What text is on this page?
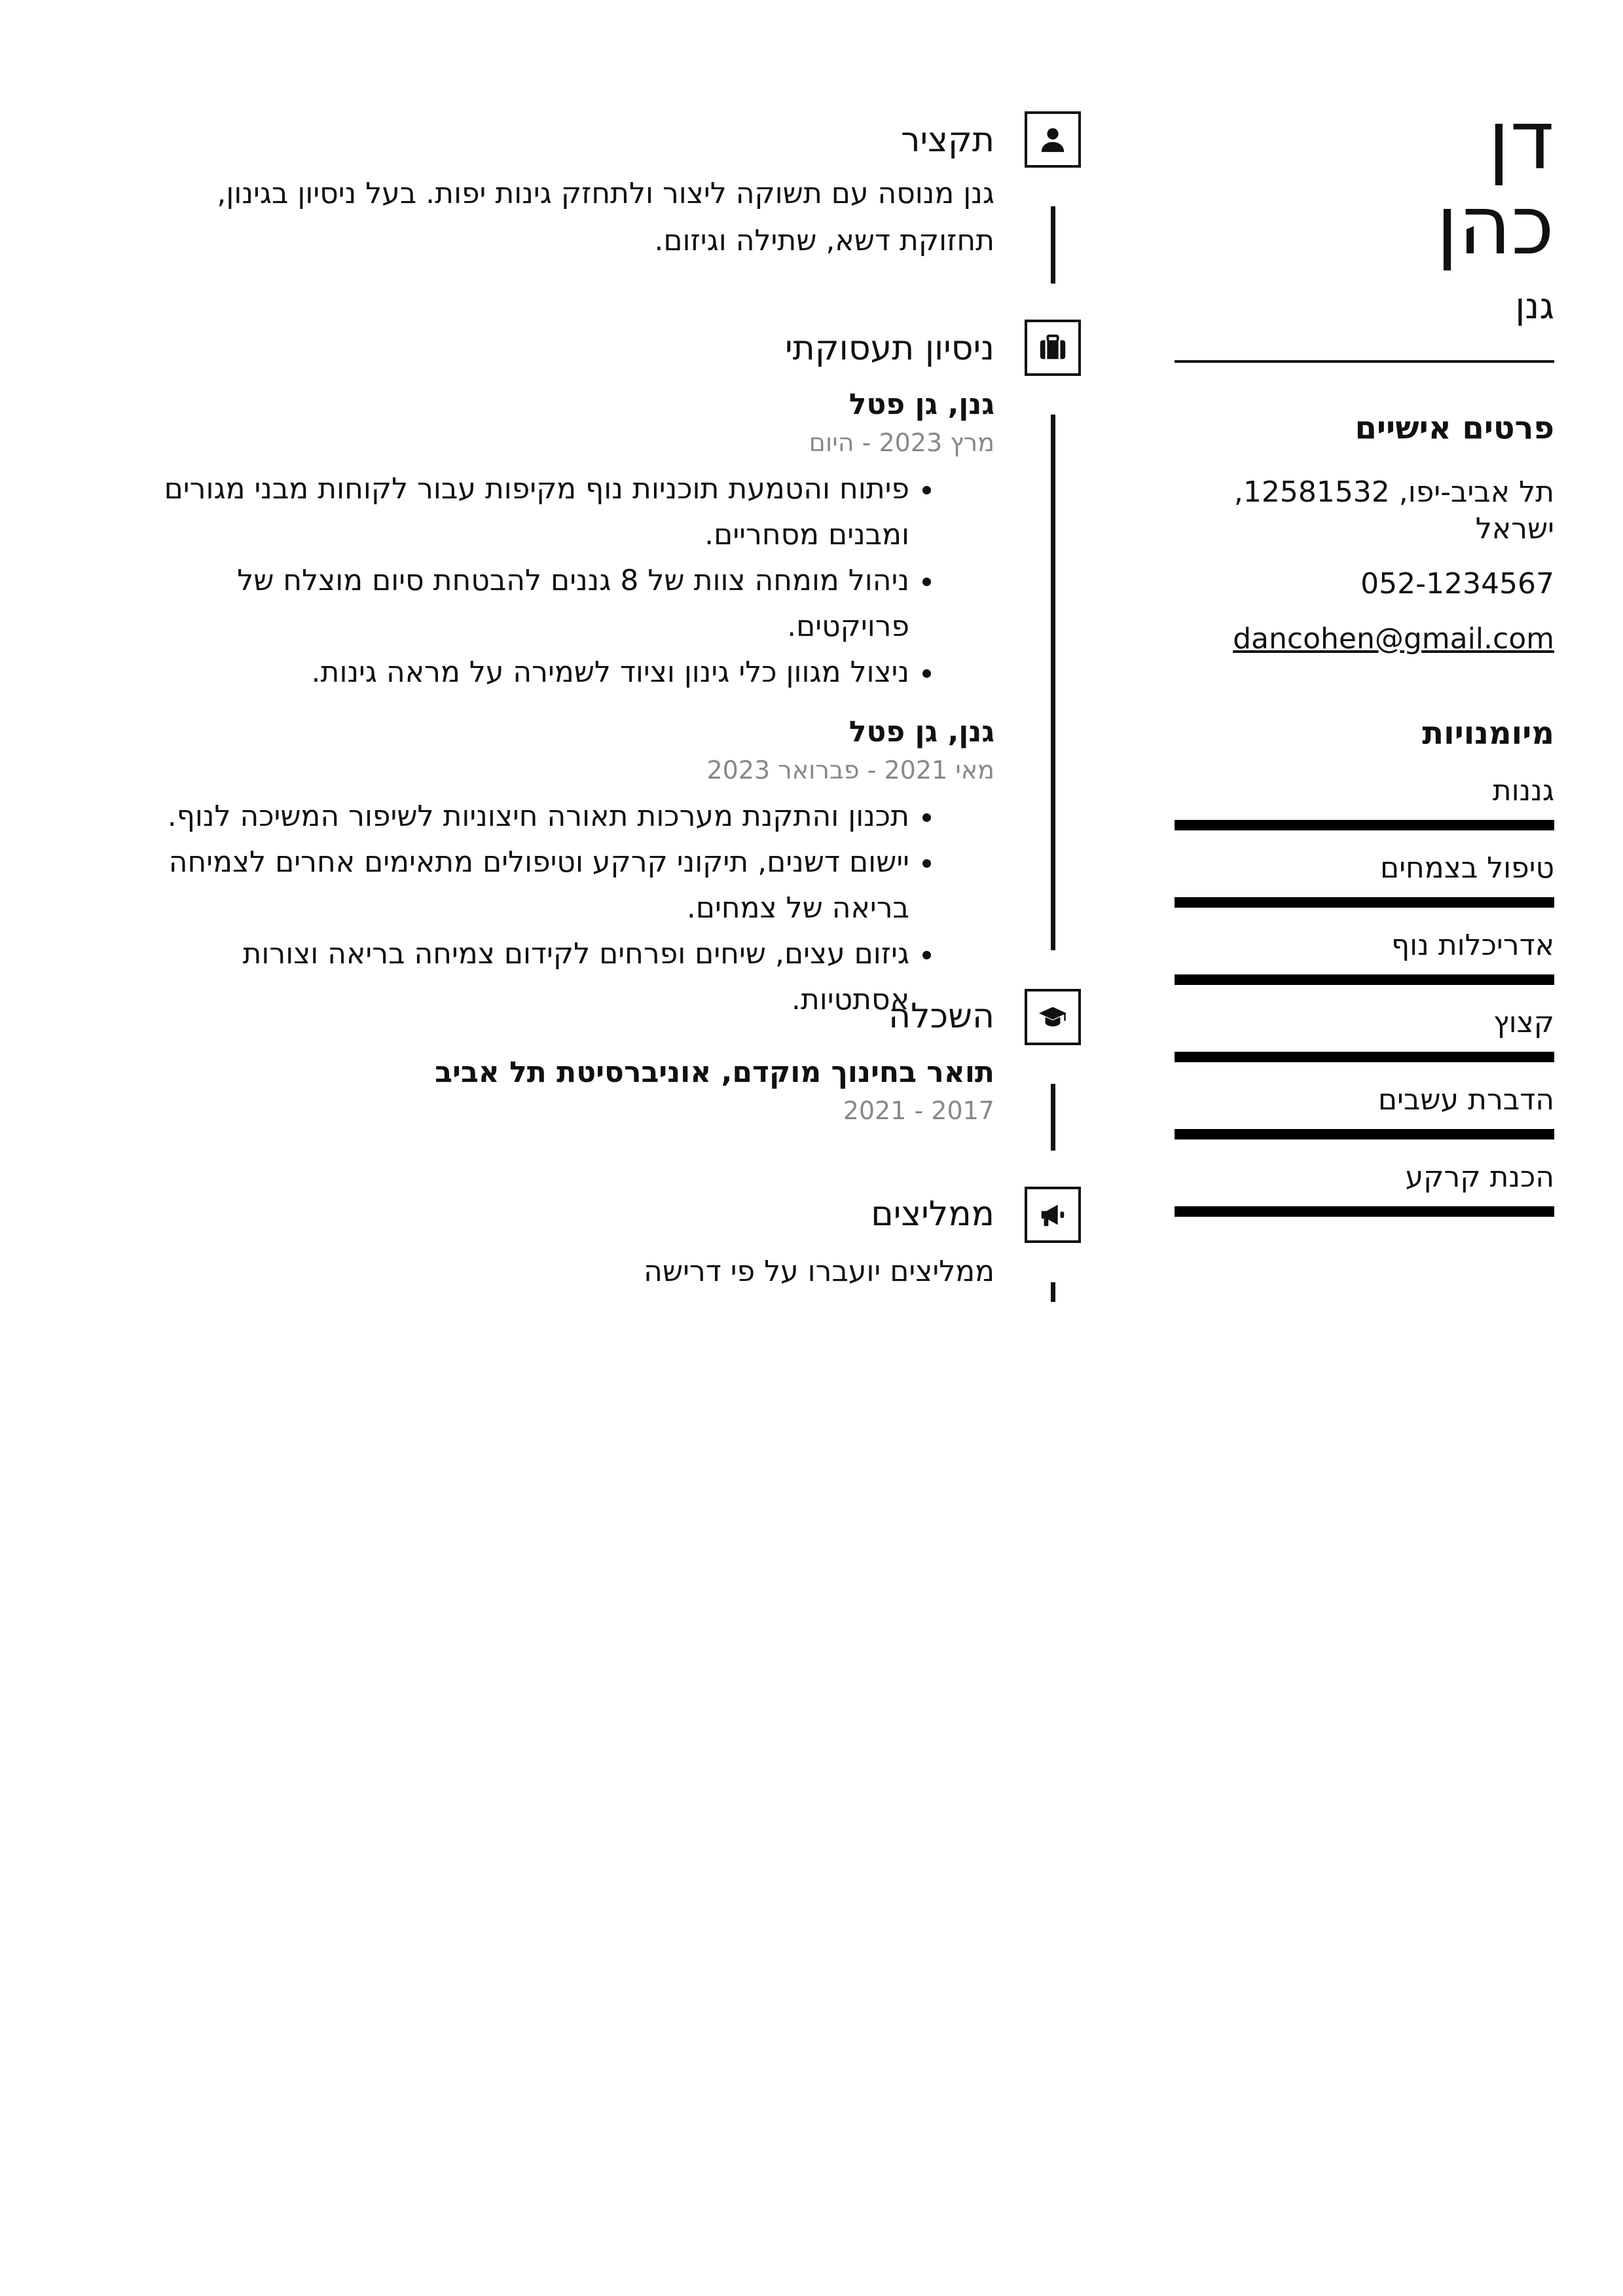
דן
כהן
גנן
פרטים אישיים
תל אביב-יפו, 12581532, ישראל
052-1234567
dancohen@gmail.com
מיומנויות
גננות
טיפול בצמחים
אדריכלות נוף
קצוץ
הדברת עשבים
הכנת קרקע
תקציר
גנן מנוסה עם תשוקה ליצור ולתחזק גינות יפות. בעל ניסיון בגינון, תחזוקת דשא, שתילה וגיזום.
ניסיון תעסוקתי
גנן, גן פטל
מרץ 2023 - היום
• פיתוח והטמעת תוכניות נוף מקיפות עבור לקוחות מבני מגורים ומבנים מסחריים.
• ניהול מומחה צוות של 8 גננים להבטחת סיום מוצלח של פרויקטים.
• ניצול מגוון כלי גינון וציוד לשמירה על מראה גינות.
גנן, גן פטל
מאי 2021 - פברואר 2023
• תכנון והתקנת מערכות תאורה חיצוניות לשיפור המשיכה לנוף.
• יישום דשנים, תיקוני קרקע וטיפולים מתאימים אחרים לצמיחה בריאה של צמחים.
• גיזום עצים, שיחים ופרחים לקידום צמיחה בריאה וצורות אסתטיות.
השכלה
תואר בחינוך מוקדם, אוניברסיטת תל אביב
2017 - 2021
ממליצים
ממליצים יועברו על פי דרישה
